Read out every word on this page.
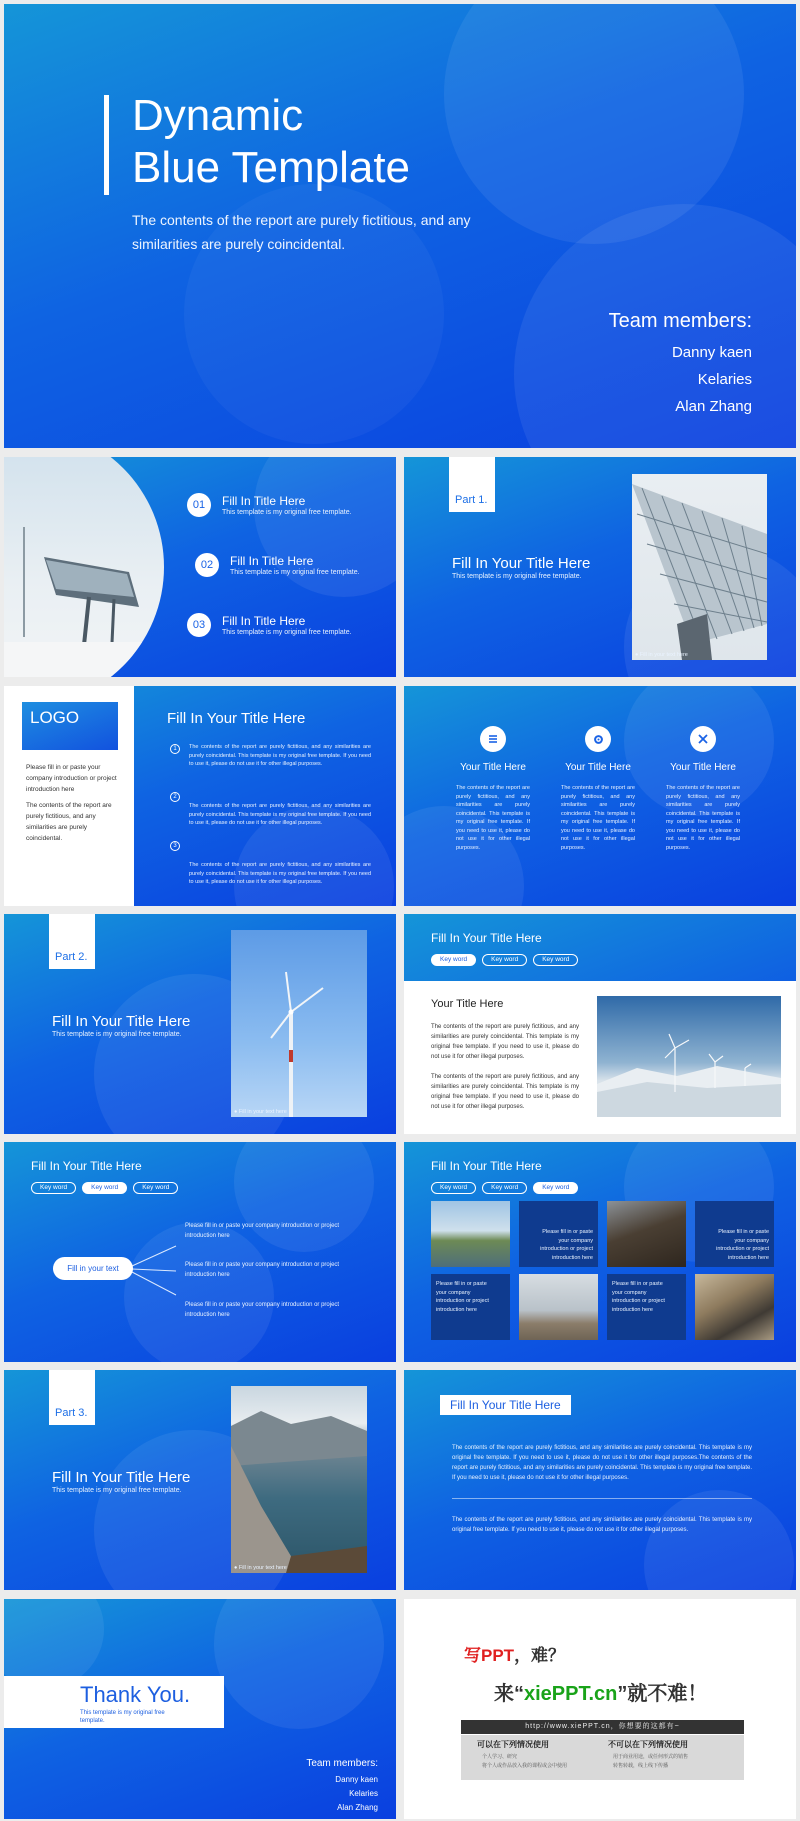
Dynamic
Blue Template
The contents of the report are purely fictitious, and any
similarities are purely coincidental.
Team members:
Danny kaen
Kelaries
Alan Zhang
01	Fill In Title Here
This template is my original free template.
02	Fill In Title Here
This template is my original free template.
03	Fill In Title Here
This template is my original free template.
Part 1.
Fill In Your Title Here
This template is my original free template.
● Fill in your text here
LOGO
Please fill in or paste your company introduction or project introduction here
The contents of the report are purely fictitious, and any similarities are purely coincidental.
Fill In Your Title Here
1	The contents of the report are purely fictitious, and any similarities are purely coincidental. This template is my original free template. If you need to use it, please do not use it for other illegal purposes.
2
The contents of the report are purely fictitious, and any similarities are purely coincidental. This template is my original free template. If you need to use it, please do not use it for other illegal purposes.
3
The contents of the report are purely fictitious, and any similarities are purely coincidental. This template is my original free template. If you need to use it, please do not use it for other illegal purposes.
Your Title Here
The contents of the report are purely fictitious, and any similarities are purely coincidental. This template is my original free template. If you need to use it, please do not use it for other illegal purposes.
Your Title Here
The contents of the report are purely fictitious, and any similarities are purely coincidental. This template is my original free template. If you need to use it, please do not use it for other illegal purposes.
Your Title Here
The contents of the report are purely fictitious, and any similarities are purely coincidental. This template is my original free template. If you need to use it, please do not use it for other illegal purposes.
Part 2.
Fill In Your Title Here
This template is my original free template.
● Fill in your text here
Fill In Your Title Here
Key word	Key word	Key word
Your Title Here
The contents of the report are purely fictitious, and any similarities are purely coincidental. This template is my original free template. If you need to use it, please do not use it for other illegal purposes.
The contents of the report are purely fictitious, and any similarities are purely coincidental. This template is my original free template. If you need to use it, please do not use it for other illegal purposes.
Fill In Your Title Here
Key word	Key word	Key word
Fill in your text
Please fill in or paste your company introduction or project introduction here
Please fill in or paste your company introduction or project introduction here
Please fill in or paste your company introduction or project introduction here
Fill In Your Title Here
Key word	Key word	Key word
Please fill in or paste your company introduction or project introduction here
Please fill in or paste your company introduction or project introduction here
Please fill in or paste your company introduction or project introduction here
Please fill in or paste your company introduction or project introduction here
Part 3.
Fill In Your Title Here
This template is my original free template.
● Fill in your text here
Fill In Your Title Here
The contents of the report are purely fictitious, and any similarities are purely coincidental. This template is my original free template. If you need to use it, please do not use it for other illegal purposes.The contents of the report are purely fictitious, and any similarities are purely coincidental. This template is my original free template. If you need to use it, please do not use it for other illegal purposes.
The contents of the report are purely fictitious, and any similarities are purely coincidental. This template is my original free template. If you need to use it, please do not use it for other illegal purposes.
Thank You.
This template is my original free
template.
Team members:
Danny kaen
Kelaries
Alan Zhang
写PPT，难？
来“xiePPT.cn”就不难！
http://www.xiePPT.cn，你想要的这都有~
可以在下列情况使用
个人学习、研究
将个人或作品放入我的课程或会中使用
不可以在下列情况使用
用于商业用途，或任何形式的销售
转售转载，线上线下传播
